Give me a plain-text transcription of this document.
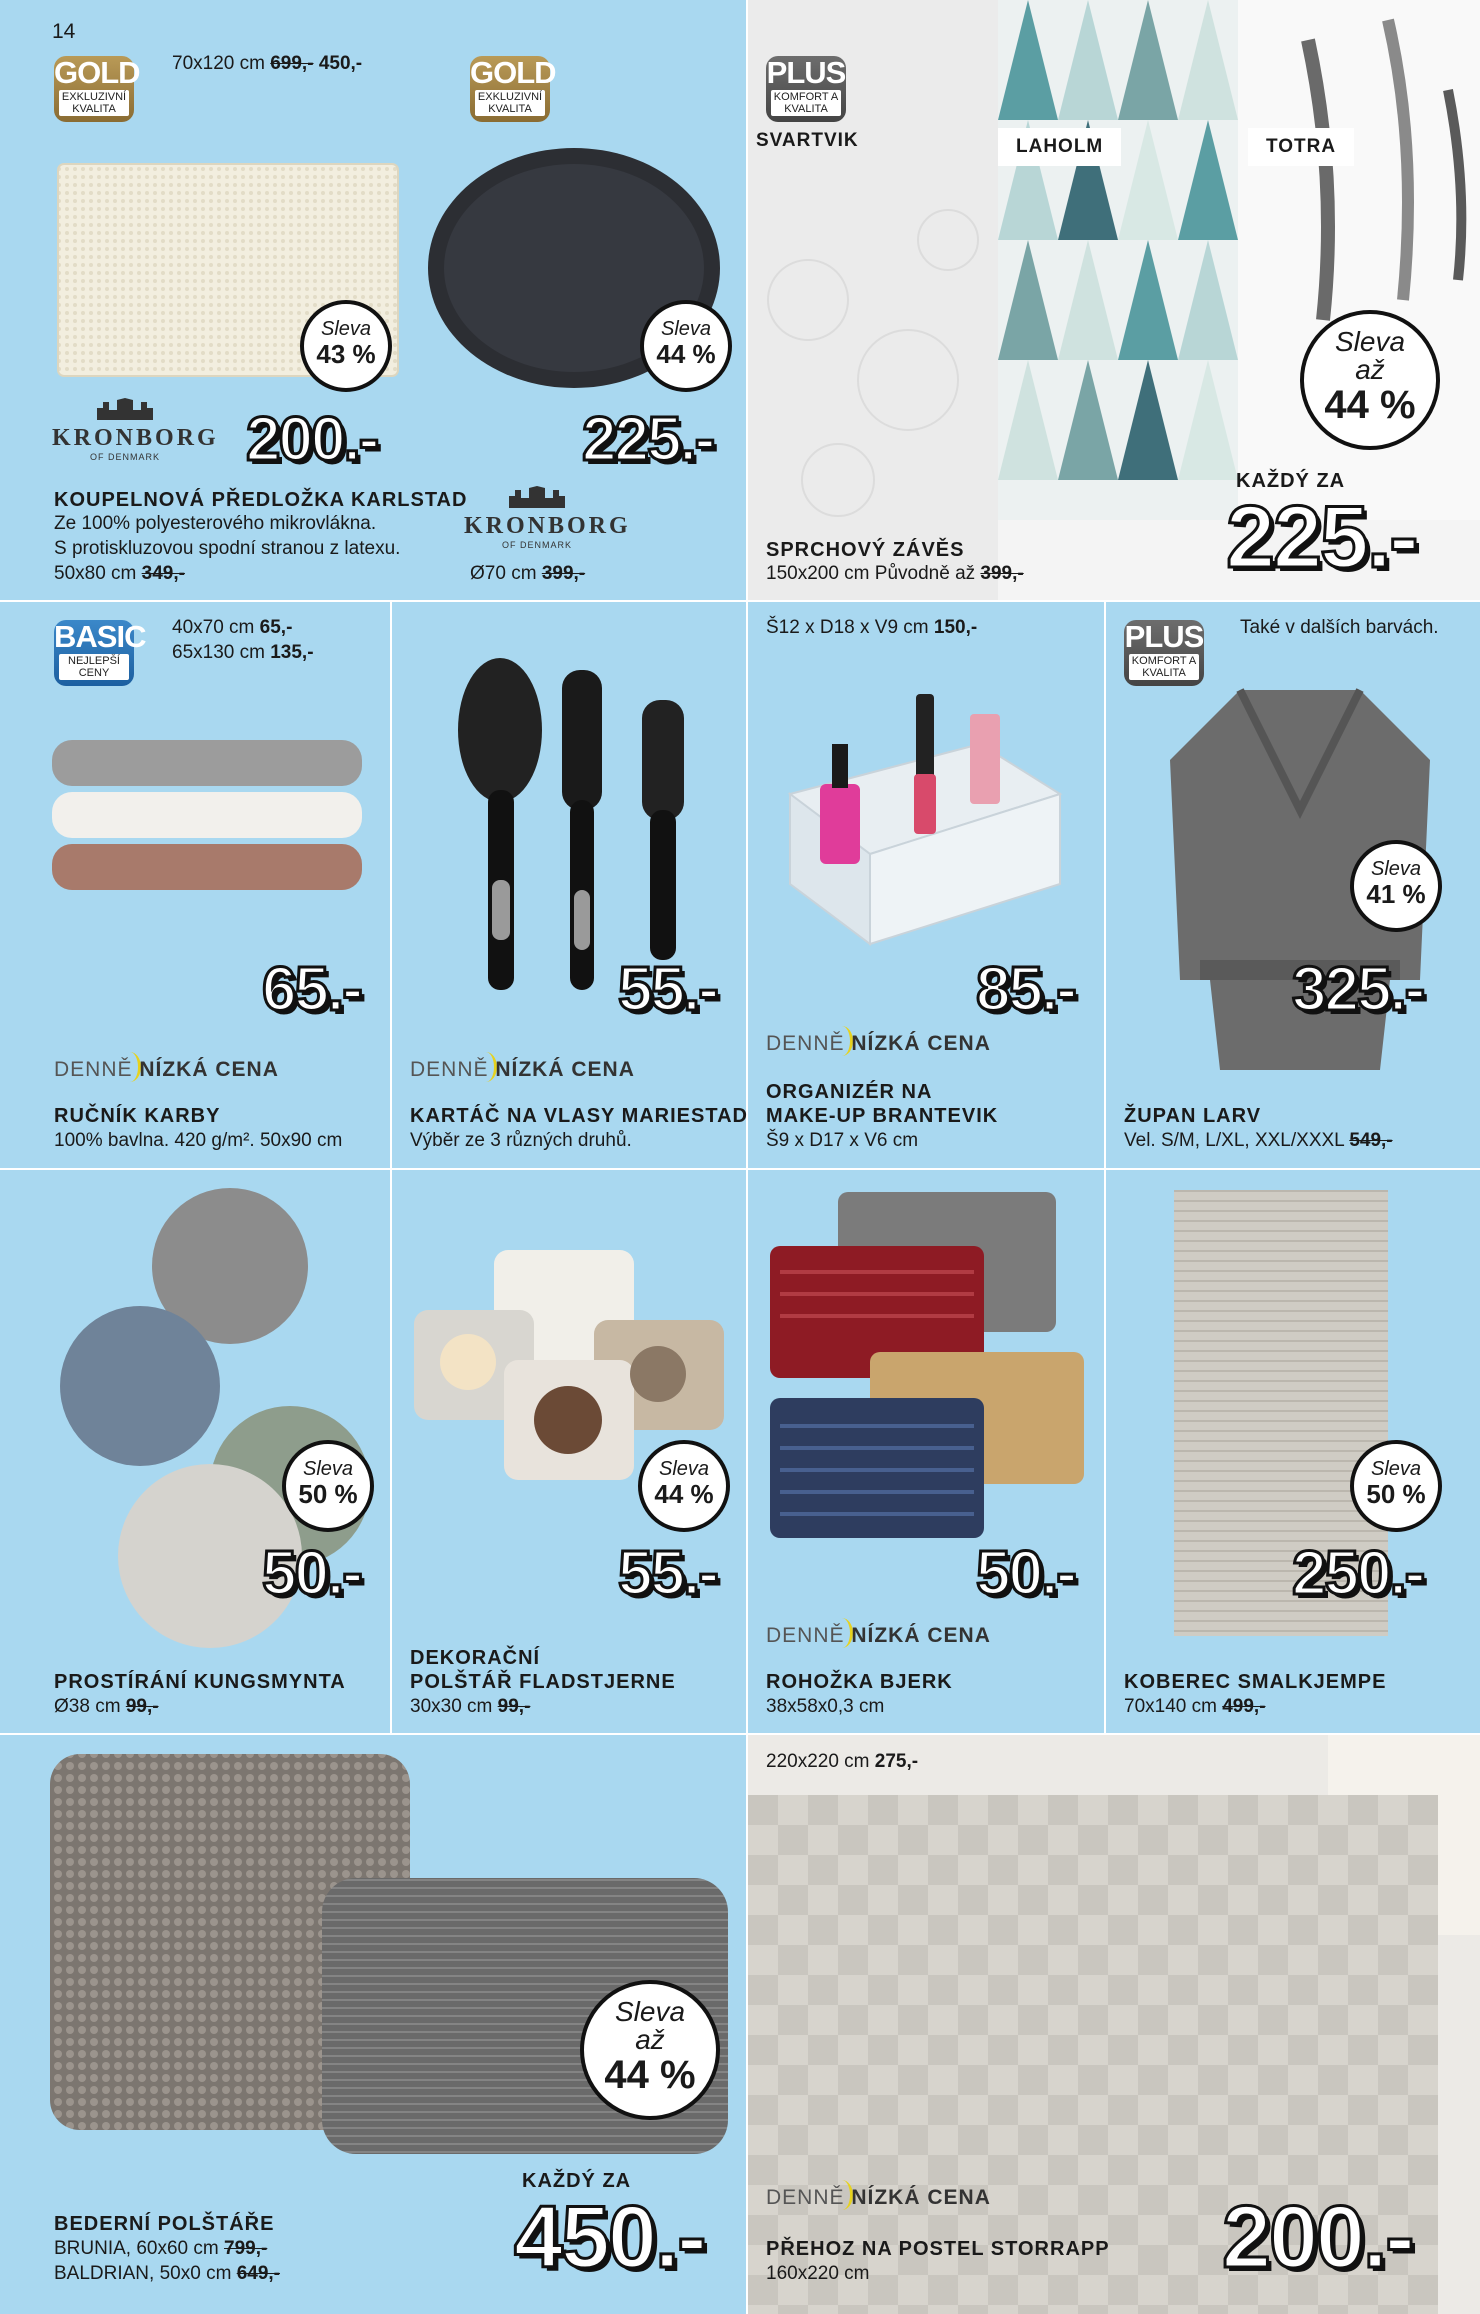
14
GOLD
EXKLUZIVNÍ KVALITA
70x120 cm 699,- 450,-
KRONBORG
OF DENMARK
Sleva
43 %
200.-
KOUPELNOVÁ PŘEDLOŽKA KARLSTAD
Ze 100% polyesterového mikrovlákna.
S protiskluzovou spodní stranou z latexu.
50x80 cm 349,-
GOLD
EXKLUZIVNÍ KVALITA
Sleva
44 %
225.-
KRONBORG
OF DENMARK
Ø70 cm 399,-
PLUS
KOMFORT A KVALITA
SVARTVIK	LAHOLM	TOTRA
Sleva
až
44 %
KAŽDÝ ZA
225.-
SPRCHOVÝ ZÁVĚS
150x200 cm Původně až 399,-
BASIC
NEJLEPŠÍ CENY
40x70 cm 65,-
65x130 cm 135,-
65.-
DENNĚ NÍZKÁ CENA
RUČNÍK KARBY
100% bavlna. 420 g/m². 50x90 cm
55.-
DENNĚ NÍZKÁ CENA
KARTÁČ NA VLASY MARIESTAD
Výběr ze 3 různých druhů.
Š12 x D18 x V9 cm 150,-
85.-
DENNĚ NÍZKÁ CENA
ORGANIZÉR NA
MAKE-UP BRANTEVIK
Š9 x D17 x V6 cm
PLUS
KOMFORT A KVALITA
Také v dalších barvách.
Sleva
41 %
325.-
ŽUPAN LARV
Vel. S/M, L/XL, XXL/XXXL 549,-
Sleva
50 %
50.-
PROSTÍRÁNÍ KUNGSMYNTA
Ø38 cm 99,-
Sleva
44 %
55.-
DEKORAČNÍ
POLŠTÁŘ FLADSTJERNE
30x30 cm 99,-
50.-
DENNĚ NÍZKÁ CENA
ROHOŽKA BJERK
38x58x0,3 cm
Sleva
50 %
250.-
KOBEREC SMALKJEMPE
70x140 cm 499,-
Sleva
až
44 %
KAŽDÝ ZA
450.-
BEDERNÍ POLŠTÁŘE
BRUNIA, 60x60 cm 799,-
BALDRIAN, 50x0 cm 649,-
220x220 cm 275,-
DENNĚ NÍZKÁ CENA
PŘEHOZ NA POSTEL STORRAPP
160x220 cm	200.-
